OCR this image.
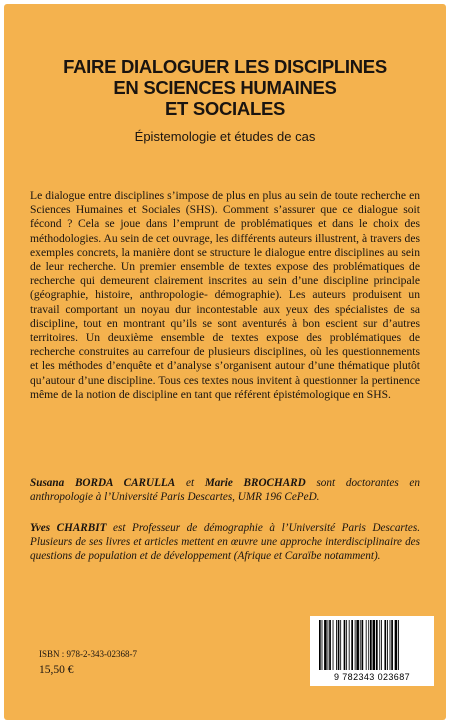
FAIRE DIALOGUER LES DISCIPLINES
EN SCIENCES HUMAINES
ET SOCIALES
Épistemologie et études de cas

Le dialogue entre disciplines s’impose de plus en plus au sein de toute recherche en Sciences Humaines et Sociales (SHS). Comment s’assurer que ce dialogue soit fécond ? Cela se joue dans l’emprunt de problématiques et dans le choix des méthodologies. Au sein de cet ouvrage, les différents auteurs illustrent, à travers des exemples concrets, la manière dont se structure le dialogue entre disciplines au sein de leur recherche. Un premier ensemble de textes expose des problématiques de recherche qui demeurent clairement inscrites au sein d’une discipline principale (géographie, histoire, anthropologie- démographie). Les auteurs produisent un travail comportant un noyau dur incontestable aux yeux des spécialistes de sa discipline, tout en montrant qu’ils se sont aventurés à bon escient sur d’autres territoires. Un deuxième ensemble de textes expose des problématiques de recherche construites au carrefour de plusieurs disciplines, où les questionnements et les méthodes d’enquête et d’analyse s’organisent autour d’une thématique plutôt qu’autour d’une discipline. Tous ces textes nous invitent à questionner la pertinence même de la notion de discipline en tant que référent épistémologique en SHS.

Susana BORDA CARULLA et Marie BROCHARD sont doctorantes en anthropologie à l’Université Paris Descartes, UMR 196 CePeD.

Yves CHARBIT est Professeur de démographie à l’Université Paris Descartes. Plusieurs de ses livres et articles mettent en œuvre une approche interdisciplinaire des questions de population et de développement (Afrique et Caraïbe notamment).

ISBN : 978-2-343-02368-7
15,50 €
9 782343 023687
